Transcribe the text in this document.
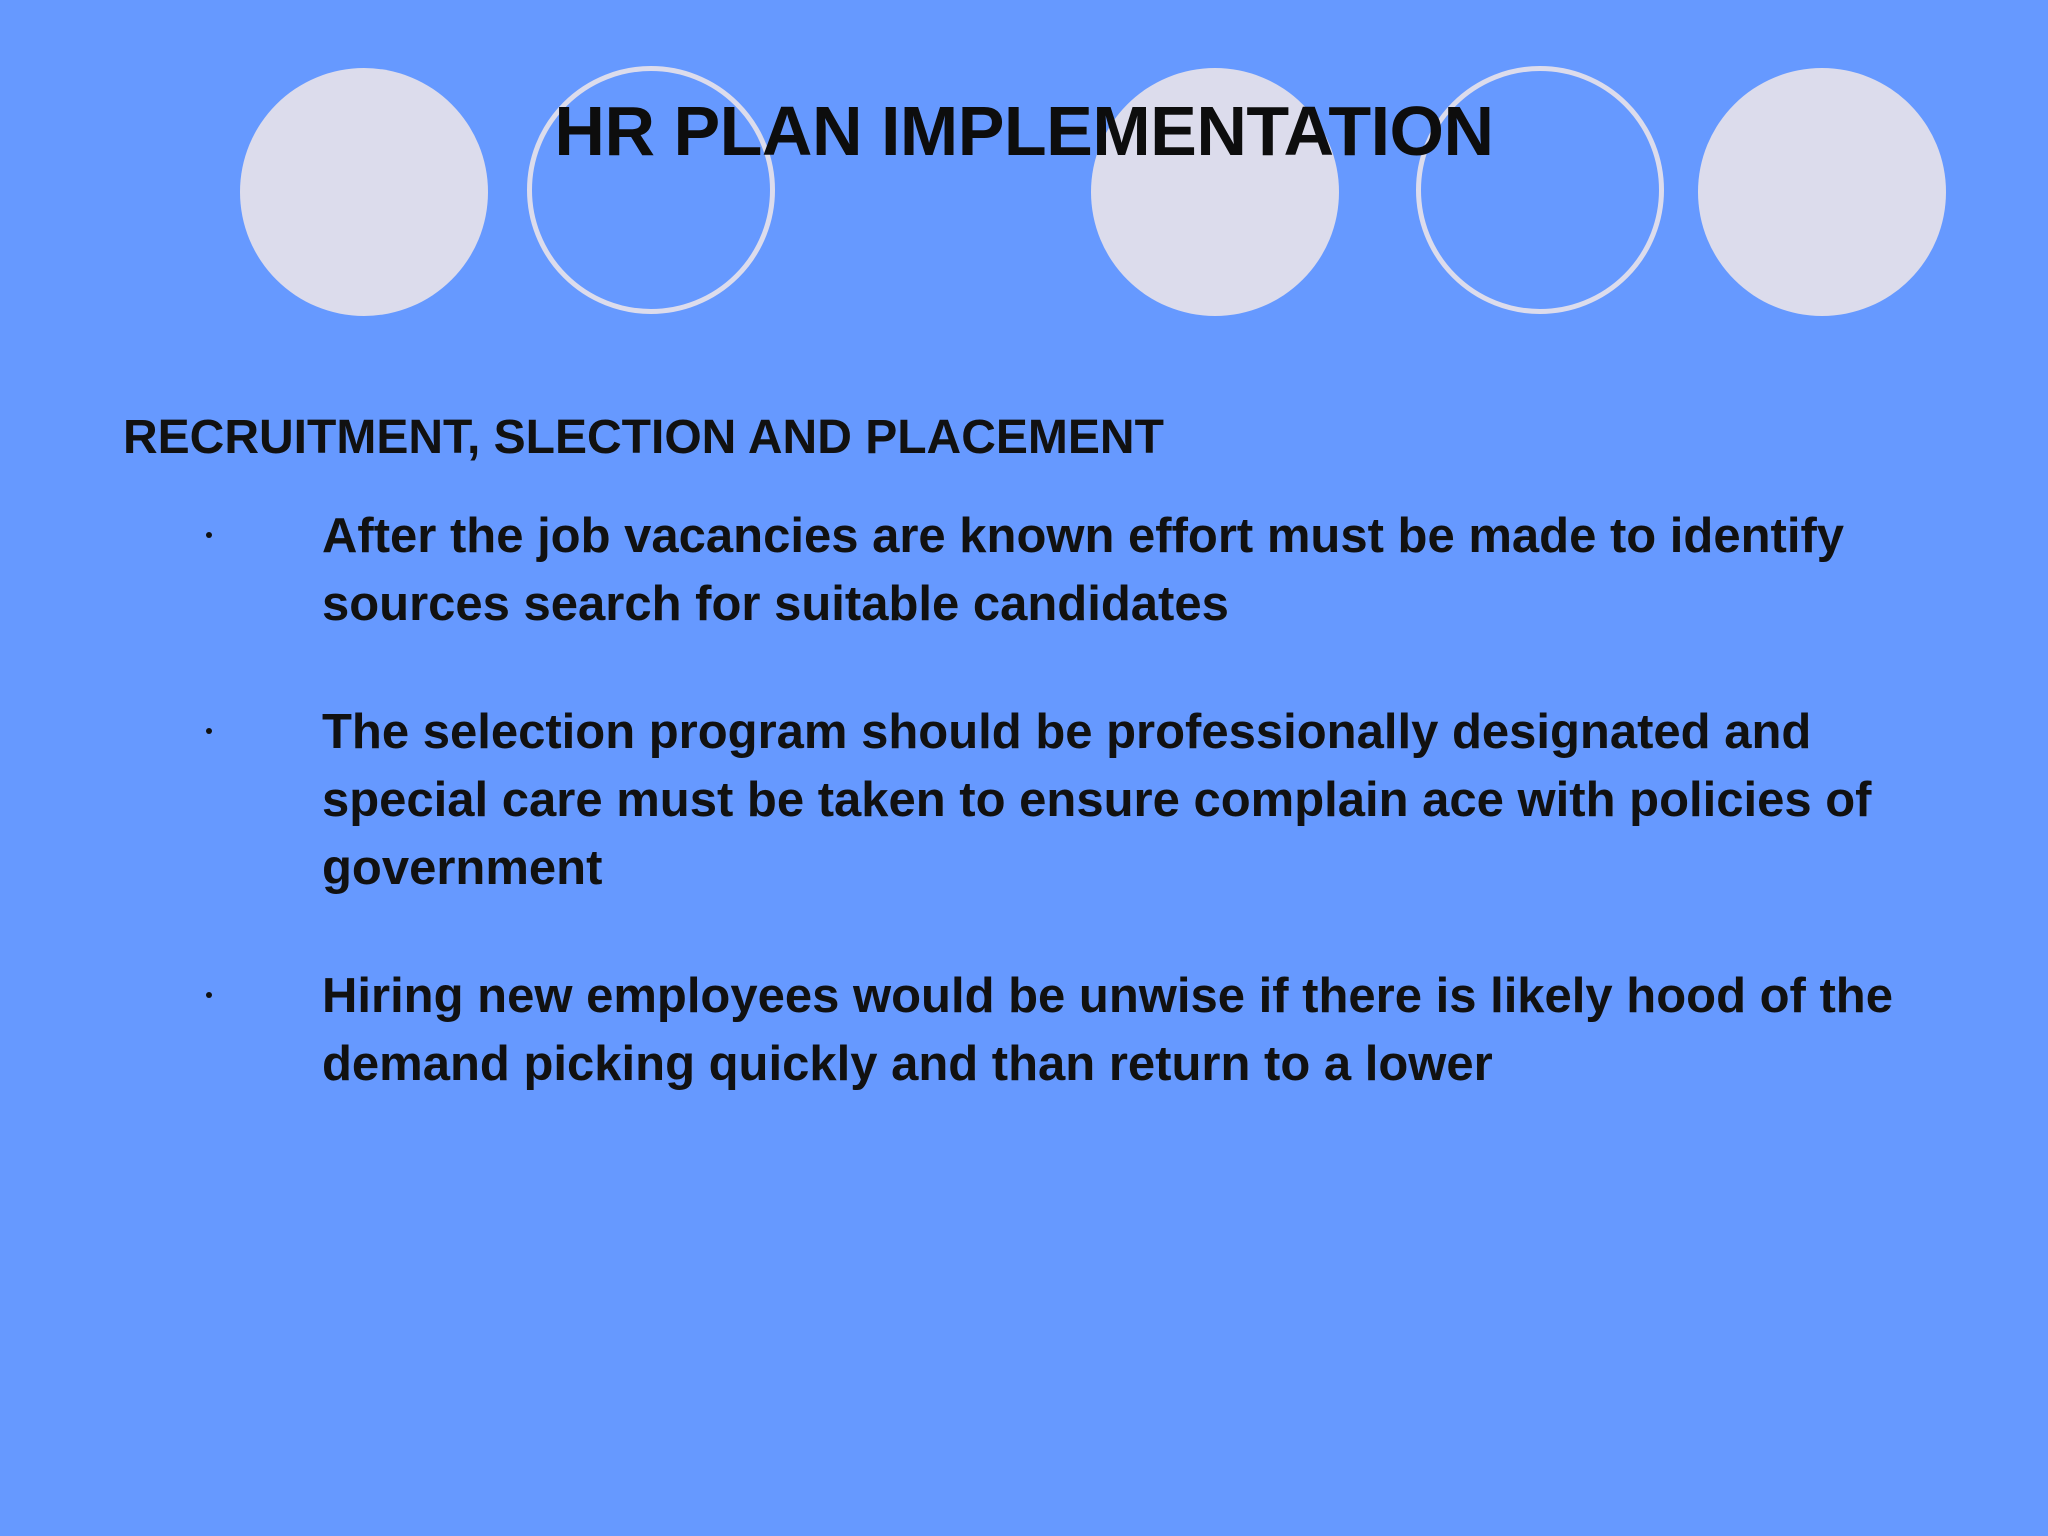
HR PLAN IMPLEMENTATION
RECRUITMENT, SLECTION AND PLACEMENT
After the job vacancies are known effort must be made to identify sources search for suitable candidates
The selection program should be professionally designated and special care must be taken to ensure complain ace with policies of government
Hiring new employees would be unwise if there is likely hood of the demand picking quickly and than return to a lower
